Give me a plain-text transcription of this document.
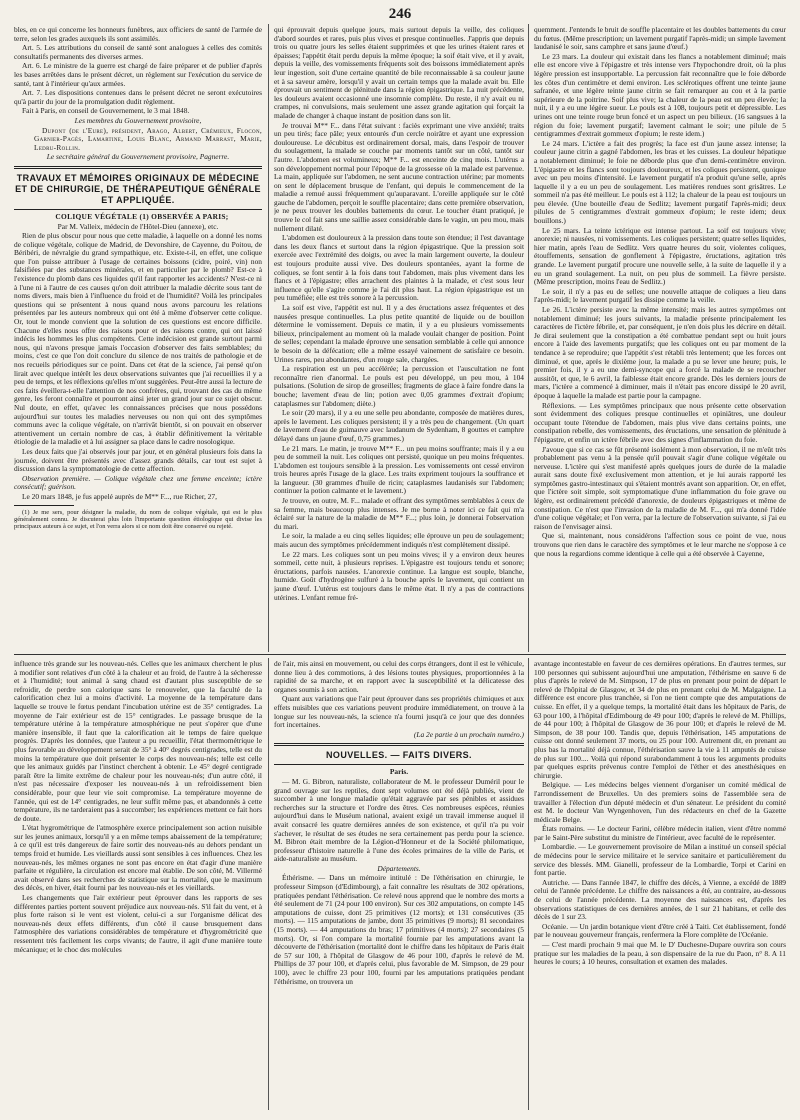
246

bles, en ce qui concerne les honneurs funèbres, aux officiers de santé de l'armée de terre, selon les grades auxquels ils sont assimilés.

Art. 5. Les attributions du conseil de santé sont analogues à celles des comités consultatifs permanents des diverses armes.

Art. 6. Le ministre de la guerre est chargé de faire préparer et de publier d'après les bases arrêtées dans le présent décret, un règlement sur l'exécution du service de santé, tant à l'intérieur qu'aux armées.

Art. 7. Les dispositions contenues dans le présent décret ne seront exécutoires qu'à partir du jour de la promulgation dudit règlement.

Fait à Paris, en conseil de Gouvernement, le 3 mai 1848.

Les membres du Gouvernement provisoire,

Dupont (de l'Eure), président, Arago, Albert, Crémieux, Flocon, Garnier-Pagès, Lamartine, Louis Blanc, Armand Marrast, Marie, Ledru-Rollin.

Le secrétaire général du Gouvernement provisoire, Pagnerre.

TRAVAUX ET MÉMOIRES ORIGINAUX DE MÉDECINE ET DE CHIRURGIE, DE THÉRAPEUTIQUE GÉNÉRALE ET APPLIQUÉE.

COLIQUE VÉGÉTALE (1) OBSERVÉE A PARIS;

Par M. Valleix, médecin de l'Hôtel-Dieu (annexe), etc.

Rien de plus obscur pour nous que cette maladie, à laquelle on a donné les noms de colique végétale, colique de Madrid, de Devonshire, de Cayenne, du Poitou, de Béribéri, de névralgie du grand sympathique, etc. Existe-t-il, en effet, une colique que l'on puisse attribuer à l'usage de certaines boissons (cidre, poiré, vin) non falsifiées par des substances minérales, et en particulier par le plomb? Est-ce à l'existence du plomb dans ces liquides qu'il faut rapporter les accidents? N'est-ce ni à l'une ni à l'autre de ces causes qu'on doit attribuer la maladie décrite sous tant de noms divers, mais bien à l'influence du froid et de l'humidité? Voilà les principales questions qui se présentent à nous quand nous avons parcouru les relations présentées par les auteurs nombreux qui ont été à même d'observer cette colique. Or, tout le monde convient que la solution de ces questions est encore difficile. Chacune d'elles nous offre des raisons pour et des raisons contre, qui ont laissé indécis les hommes les plus compétents. Cette indécision est grande surtout parmi nous, qui n'avons presque jamais l'occasion d'observer des faits semblables; du moins, c'est ce que l'on doit conclure du silence de nos traités de pathologie et de nos recueils périodiques sur ce point. Dans cet état de la science, j'ai pensé qu'on lirait avec quelque intérêt les deux observations suivantes que j'ai recueillies il y a peu de temps, et les réflexions qu'elles m'ont suggérées. Peut-être aussi la lecture de ces faits éveillera-t-elle l'attention de nos confrères, qui, trouvant des cas du même genre, les feront connaître et pourront ainsi jeter un grand jour sur ce sujet obscur. Nul doute, en effet, qu'avec les connaissances précises que nous possédons aujourd'hui sur toutes les maladies nerveuses ou non qui ont des symptômes communs avec la colique végétale, on n'arrivât bientôt, si on pouvait en observer attentivement un certain nombre de cas, à établir définitivement la véritable étiologie de la maladie et à lui assigner sa place dans le cadre nosologique.

Les deux faits que j'ai observés jour par jour, et en général plusieurs fois dans la journée, doivent être présentés avec d'assez grands détails, car tout est sujet à discussion dans la symptomatologie de cette affection.

Observation première. — Colique végétale chez une femme enceinte; ictère consécutif; guérison.

Le 20 mars 1848, je fus appelé auprès de M** F..., rue Richer, 27,

(1) Je me sers, pour désigner la maladie, du nom de colique végétale, qui est le plus généralement connu. Je discuterai plus loin l'importante question étiologique qui divise les principaux auteurs à ce sujet, et l'on verra alors si ce nom doit être conservé ou rejeté.

qui éprouvait depuis quelque jours, mais surtout depuis la veille, des coliques d'abord sourdes et rares, puis plus vives et presque continuelles. J'appris que depuis trois ou quatre jours les selles étaient supprimées et que les urines étaient rares et épaisses; l'appétit était perdu depuis la même époque; la soif était vive, et il y avait, depuis la veille, des vomissements fréquents soit des boissons immédiatement après leur ingestion, soit d'une certaine quantité de bile reconnaissable à sa couleur jaune et à sa saveur amère, lorsqu'il y avait un certain temps que la malade avait bu. Elle éprouvait un sentiment de plénitude dans la région épigastrique. La nuit précédente, les douleurs avaient occasionné une insomnie complète. Du reste, il n'y avait eu ni crampes, ni convulsions, mais seulement une assez grande agitation qui forçait la malade de changer à chaque instant de position dans son lit.

Je trouvai M** F... dans l'état suivant : faciès exprimant une vive anxiété; traits un peu tirés; face pâle; yeux entourés d'un cercle noirâtre et ayant une expression douloureuse. Le décubitus est ordinairement dorsal, mais, dans l'espoir de trouver du soulagement, la malade se couche par moments tantôt sur un côté, tantôt sur l'autre. L'abdomen est volumineux; M** F... est enceinte de cinq mois. L'utérus a son développement normal pour l'époque de la grossesse où la malade est parvenue. La main, appliquée sur l'abdomen, ne sent aucune contraction utérine; par moments on sent le déplacement brusque de l'enfant, qui depuis le commencement de la maladie a remué aussi fréquemment qu'auparavant. L'oreille appliquée sur le côté gauche de l'abdomen, perçoit le souffle placentaire; dans cette première observation, je ne peux trouver les doubles battements du cœur. Le toucher étant pratiqué, je trouve le col fait sans une saillie assez considérable dans le vagin, un peu mou, mais nullement dilaté.

L'abdomen est douloureux à la pression dans toute son étendue; il l'est davantage dans les deux flancs et surtout dans la région épigastrique. Que la pression soit exercée avec l'extrémité des doigts, ou avec la main largement ouverte, la douleur est toujours produite aussi vive. Des douleurs spontanées, ayant la forme de coliques, se font sentir à la fois dans tout l'abdomen, mais plus vivement dans les flancs et à l'épigastre; elles arrachent des plaintes à la malade, et c'est sous leur influence qu'elle s'agite comme je l'ai dit plus haut. La région épigastrique est un peu tuméfiée; elle est très sonore à la percussion.

La soif est vive, l'appétit est nul. Il y a des éructations assez fréquentes et des nausées presque continuelles. La plus petite quantité de liquide ou de bouillon détermine le vomissement. Depuis ce matin, il y a eu plusieurs vomissements bilieux, principalement au moment où la malade voulait changer de position. Point de selles; cependant la malade éprouve une sensation semblable à celle qui annonce le besoin de la défécation; elle a même essayé vainement de satisfaire ce besoin. Urines rares, peu abondantes, d'un rouge sale, chargées.

La respiration est un peu accélérée; la percussion et l'auscultation ne font reconnaître rien d'anormal. Le pouls est peu développé, un peu mou, à 104 pulsations. (Solution de sirop de groseilles; fragments de glace à faire fondre dans la bouche; lavement d'eau de lin; potion avec 0,05 grammes d'extrait d'opium; cataplasmes sur l'abdomen; diète.)

Le soir (20 mars), il y a eu une selle peu abondante, composée de matières dures, après le lavement. Les coliques persistent; il y a très peu de changement. (Un quart de lavement d'eau de guimauve avec laudanum de Sydenham, 8 gouttes et camphre délayé dans un jaune d'œuf, 0,75 grammes.)

Le 21 mars. Le matin, je trouve M** F... un peu moins souffrante; mais il y a eu peu de sommeil la nuit. Les coliques ont persisté, quoique un peu moins fréquentes. L'abdomen est toujours sensible à la pression. Les vomissements ont cessé environ trois heures après l'usage de la glace. Les traits expriment toujours la souffrance et la langueur. (30 grammes d'huile de ricin; cataplasmes laudanisés sur l'abdomen; continuer la potion calmante et le lavement.)

Je trouve, en outre, M. F... malade et offrant des symptômes semblables à ceux de sa femme, mais beaucoup plus intenses. Je me borne à noter ici ce fait qui m'a éclairé sur la nature de la maladie de M** F...; plus loin, je donnerai l'observation du mari.

Le soir, la malade a eu cinq selles liquides; elle éprouve un peu de soulagement; mais aucun des symptômes précédemment indiqués n'est complètement dissipé.

Le 22 mars. Les coliques sont un peu moins vives; il y a environ deux heures sommeil, cette nuit, à plusieurs reprises. L'épigastre est toujours tendu et sonore; éructations, parfois nausées. L'anorexie continue. La langue est souple, blanche, humide. Goût d'hydrogène sulfuré à la bouche après le lavement, qui contient un jaune d'œuf. L'utérus est toujours dans le même état. Il n'y a pas de contractions utérines. L'enfant remue fré-

quemment. J'entends le bruit de souffle placentaire et les doubles battements du cœur du fœtus. (Même prescription; un lavement purgatif l'après-midi; un simple lavement laudanisé le soir, sans camphre et sans jaune d'œuf.)

Le 23 mars. La douleur qui existait dans les flancs a notablement diminué; mais elle est encore vive à l'épigastre et très intense vers l'hypochondre droit, où la plus légère pression est insupportable. La percussion fait reconnaître que le foie déborde les côtes d'un centimètre et demi environ. Les sclérotiques offrent une teinte jaune safranée, et une légère teinte jaune citrin se fait remarquer au cou et à la partie supérieure de la poitrine. Soif plus vive; la chaleur de la peau est un peu élevée; la nuit, il y a eu une légère sueur. Le pouls est à 108, toujours petit et dépressible. Les urines ont une teinte rouge brun foncé et un aspect un peu bilieux. (16 sangsues à la région du foie; lavement purgatif; lavement calmant le soir; une pilule de 5 centigrammes d'extrait gommeux d'opium; le reste idem.)

Le 24 mars. L'ictère a fait des progrès; la face est d'un jaune assez intense; la couleur jaune citrin a gagné l'abdomen, les bras et les cuisses. La douleur hépatique a notablement diminué; le foie ne déborde plus que d'un demi-centimètre environ. L'épigastre et les flancs sont toujours douloureux, et les coliques persistent, quoique avec un peu moins d'intensité. Le lavement purgatif n'a produit qu'une selle, après laquelle il y a eu un peu de soulagement. Les matières rendues sont grisâtres. Le sommeil n'a pas été meilleur. Le pouls est à 112; la chaleur de la peau est toujours un peu élevée. (Une bouteille d'eau de Sedlitz; lavement purgatif l'après-midi; deux pilules de 5 centigrammes d'extrait gommeux d'opium; le reste idem; deux bouillons.)

Le 25 mars. La teinte ictérique est intense partout. La soif est toujours vive; anorexie; ni nausées, ni vomissements. Les coliques persistent; quatre selles liquides, hier matin, après l'eau de Sedlitz. Vers quatre heures du soir, violentes coliques, étouffements, sensation de gonflement à l'épigastre, éructations, agitation très grande. Le lavement purgatif procure une nouvelle selle, à la suite de laquelle il y a eu un grand soulagement. La nuit, on peu plus de sommeil. La fièvre persiste. (Même prescription, moins l'eau de Sedlitz.)

Le soir, il n'y a pas eu de selles; une nouvelle attaque de coliques a lieu dans l'après-midi; le lavement purgatif les dissipe comme la veille.

Le 26. L'ictère persiste avec la même intensité; mais les autres symptômes ont notablement diminué; les jours suivants, la maladie présente principalement les caractères de l'ictère fébrile, et, par conséquent, je n'en dois plus les décrire en détail. Je dirai seulement que la constipation a été combattue pendant sept ou huit jours encore à l'aide des lavements purgatifs; que les coliques ont eu par moment de la tendance à se reproduire; que l'appétit s'est rétabli très lentement; que les forces ont diminué, et que, après le dixième jour, la malade a pu se lever une heure; puis, le premier fois, il y a eu une demi-syncope qui a forcé la malade de se recoucher aussitôt, et que, le 6 avril, la faiblesse était encore grande. Dès les derniers jours de mars, l'ictère a commencé à diminuer, mais il n'était pas encore dissipé le 20 avril, époque à laquelle la malade est partie pour la campagne.

Réflexions. — Les symptômes principaux que nous présente cette observation sont évidemment des coliques presque continuelles et opiniâtres, une douleur occupant toute l'étendue de l'abdomen, mais plus vive dans certains points, une constipation rebelle, des vomissements, des éructations, une sensation de plénitude à l'épigastre, et enfin un ictère fébrile avec des signes d'inflammation du foie.

J'avoue que si ce cas se fût présenté isolément à mon observation, il ne m'eût très probablement pas venu à la pensée qu'il pouvait s'agir d'une colique végétale ou nerveuse. L'ictère qui s'est manifesté après quelques jours de durée de la maladie aurait sans doute fixé exclusivement mon attention, et je lui aurais rapporté les symptômes gastro-intestinaux qui s'étaient montrés avant son apparition. Or, en effet, que l'ictère soit simple, soit symptomatique d'une inflammation du foie grave ou légère, est ordinairement précédé d'anorexie, de douleurs épigastriques et même de constipation. Ce n'est que l'invasion de la maladie de M. F..., qui m'a donné l'idée d'une colique végétale; et l'on verra, par la lecture de l'observation suivante, si j'ai eu raison de l'envisager ainsi.

Que si, maintenant, nous considérons l'affection sous ce point de vue, nous trouvons que rien dans le caractère des symptômes et le leur marche ne s'oppose à ce que nous la regardions comme identique à celle qui a été observée à Cayenne,

influence très grande sur les nouveau-nés. Celles que les animaux cherchent le plus à modifier sont relatives d'un côté à la chaleur et au froid, de l'autre à la sécheresse et à l'humidité; tout animal à sang chaud est d'autant plus susceptible de se refroidir, de perdre son calorique sans le renouveler, que la faculté de la calorification chez lui a moins d'activité. La moyenne de la température dans laquelle se trouve le fœtus pendant l'incubation utérine est de 35° centigrades. La moyenne de l'air extérieur est de 15° centigrades. Le passage brusque de la température utérine à la température atmosphérique ne peut s'opérer que d'une manière insensible, il faut que la calorification ait le temps de faire quelque progrès. D'après les données, que l'auteur a pu recueillir, l'état thermométrique le plus favorable au développement serait de 35° à 40° degrés centigrades, telle est du moins la température que doit présenter le corps des nouveau-nés; telle est celle que les animaux guidés par l'instinct cherchent à obtenir. Le 45° degré centigrade paraît être la limite extrême de chaleur pour les nouveau-nés; d'un autre côté, il n'est pas nécessaire d'exposer les nouveau-nés à un refroidissement bien considérable, pour que leur vie soit compromise. La température moyenne de l'année, qui est de 14° centigrades, ne leur suffit même pas, et abandonnés à cette température, ils ne tarderaient pas à succomber; les expériences mettent ce fait hors de doute.

L'état hygrométrique de l'atmosphère exerce principalement son action nuisible sur les jeunes animaux, lorsqu'il y a en même temps abaissement de la température; à ce qu'il est très dangereux de faire sortir des nouveau-nés au dehors pendant un temps froid et humide. Les vieillards aussi sont sensibles à ces influences. Chez les nouveau-nés, les mêmes organes ne sont pas encore en état d'agir d'une manière parfaite et régulière, la circulation est encore mal établie. De son côté, M. Villermé avait observé dans ses recherches de statistique sur la mortalité, que le maximum des décès, en hiver, était fourni par les nouveau-nés et les vieillards.

Les changements que l'air extérieur peut éprouver dans les rapports de ses différentes parties portent souvent préjudice aux nouveau-nés. S'il fait du vent, et à plus forte raison si le vent est violent, celui-ci a sur l'organisme délicat des nouveau-nés deux effets différents, d'un côté il cause brusquement dans l'atmosphère des variations considérables de température et d'hygrométricité que ressentent très facilement les corps vivants; de l'autre, il agit d'une manière toute mécanique; et le choc des molécules

de l'air, mis ainsi en mouvement, ou celui des corps étrangers, dont il est le véhicule, donne lieu à des commotions, à des lésions toutes physiques, proportionnées à la rapidité de sa marche, et en rapport avec la susceptibilité et la délicatesse des organes soumis à son action.

Quant aux variations que l'air peut éprouver dans ses propriétés chimiques et aux effets nuisibles que ces variations peuvent produire immédiatement, on trouve à la longue sur les nouveau-nés, la science n'a fourni jusqu'à ce jour que des données fort incertaines.

(La 2e partie à un prochain numéro.)

NOUVELLES. — FAITS DIVERS.

Paris.

— M. G. Bibron, naturaliste, collaborateur de M. le professeur Duméril pour le grand ouvrage sur les reptiles, dont sept volumes ont été déjà publiés, vient de succomber à une longue maladie qu'était aggravée par ses pénibles et assidues recherches sur la structure et l'ordre des êtres. Ces nombreuses espèces, réunies aujourd'hui dans le Muséum national, avaient exigé un travail immense auquel il avait consacré les quatre dernières années de son existence, et qu'il n'a pu voir s'achever, le résultat de ses études ne sera certainement pas perdu pour la science. M. Bibron était membre de la Légion-d'Honneur et de la Société philomatique, professeur d'histoire naturelle à l'une des écoles primaires de la ville de Paris, et aide-naturaliste au muséum.

Départements.

Éthérisme. — Dans un mémoire intitulé : De l'éthérisation en chirurgie, le professeur Simpson (d'Edimbourg), a fait connaître les résultats de 302 opérations, pratiquées pendant l'éthérisation. Ce relevé nous apprend que le nombre des morts a été seulement de 71 (24 pour 100 environ). Sur ces 302 amputations, on compte 145 amputations de cuisse, dont 25 primitives (12 morts); et 131 consécutives (35 morts). — 115 amputations de jambe, dont 35 primitives (9 morts); 81 secondaires (15 morts). — 44 amputations du bras; 17 primitives (4 morts); 27 secondaires (5 morts). Or, si l'on compare la mortalité fournie par les amputations avant la découverte de l'éthérisation (mortalité dont le chiffre dans les hôpitaux de Paris était de 57 sur 100, à l'hôpital de Glasgow de 46 pour 100, d'après le relevé de M. Phillips de 37 pour 100, et d'après celui, plus favorable de M. Simpson, de 29 pour 100), avec le chiffre 23 pour 100, fourni par les amputations pratiquées pendant l'éthérisme, on trouvera un

avantage incontestable en faveur de ces dernières opérations. En d'autres termes, sur 100 personnes qui subissent aujourd'hui une amputation, l'éthérisme en sauve 6 de plus d'après le relevé de M. Simpson, 17 de plus en prenant pour point de départ le relevé de l'hôpital de Glasgow, et 34 de plus en prenant celui de M. Malgaigne. La différence est encore plus tranchée, si l'on ne tient compte que des amputations de cuisse. En effet, il y a quelque temps, la mortalité était dans les hôpitaux de Paris, de 63 pour 100, à l'hôpital d'Edimbourg de 49 pour 100; d'après le relevé de M. Phillips, de 44 pour 100; à l'hôpital de Glasgow de 36 pour 100; et d'après le relevé de M. Simpson, de 38 pour 100. Tandis que, depuis l'éthérisation, 145 amputations de cuisse ont donné seulement 37 morts, ou 25 pour 100. Autrement dit, en prenant au plus bas la mortalité déjà connue, l'éthérisation sauve la vie à 11 amputés de cuisse de plus sur 100.... Voilà qui répond surabondamment à tous les arguments produits par quelques esprits prévenus contre l'emploi de l'éther et des anesthésiques en chirurgie.

Belgique. — Les médecins belges viennent d'organiser un comité médical de l'arrondissement de Bruxelles. Un des premiers soins de l'assemblée sera de travailler à l'élection d'un député médecin et d'un sénateur. Le président du comité est M. le docteur Van Wyngenhoven, l'un des rédacteurs en chef de la Gazette médicale Belge.

États romains. — Le docteur Farini, célèbre médecin italien, vient d'être nommé par le Saint-Père substitut du ministre de l'intérieur, avec faculté de le représenter.

Lombardie. — Le gouvernement provisoire de Milan a institué un conseil spécial de médecins pour le service militaire et le service sanitaire et particulièrement du service des blessés. MM. Gianelli, professeur de la Lombardie, Torpi et Carini en font partie.

Autriche. — Dans l'année 1847, le chiffre des décès, à Vienne, a excédé de 1889 celui de l'année précédente. Le chiffre des naissances a été, au contraire, au-dessous de celui de l'année précédente. La moyenne des naissances est, d'après les observations statistiques de ces dernières années, de 1 sur 21 habitans, et celle des décès de 1 sur 23.

Océanie. — Un jardin botanique vient d'être créé à Taiti. Cet établissement, fondé par le nouveau gouverneur français, renfermera la Flore complète de l'Océanie.

— C'est mardi prochain 9 mai que M. le D' Duchesne-Dupare ouvrira son cours pratique sur les maladies de la peau, à son dispensaire de la rue du Paon, n° 8. A 11 heures le cours; à 10 heures, consultation et examen des malades.
